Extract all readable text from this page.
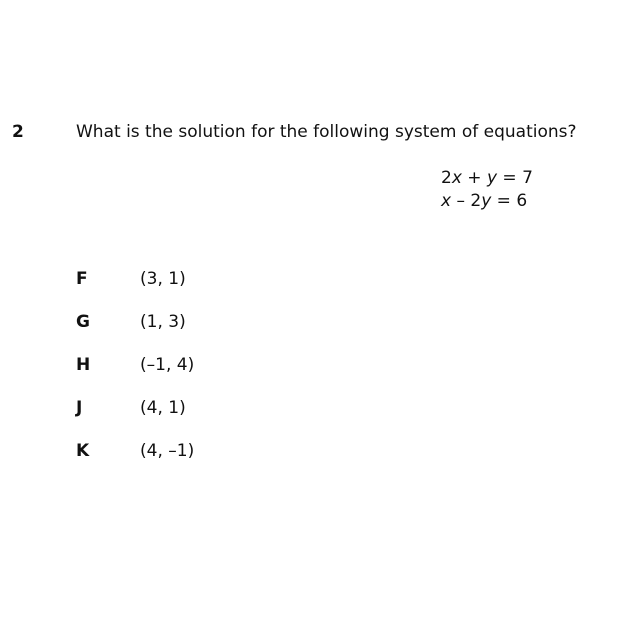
2	What is the solution for the following system of equations?
2x + y = 7
x – 2y = 6
F	(3, 1)
G	(1, 3)
H	(–1, 4)
J	(4, 1)
K	(4, –1)
